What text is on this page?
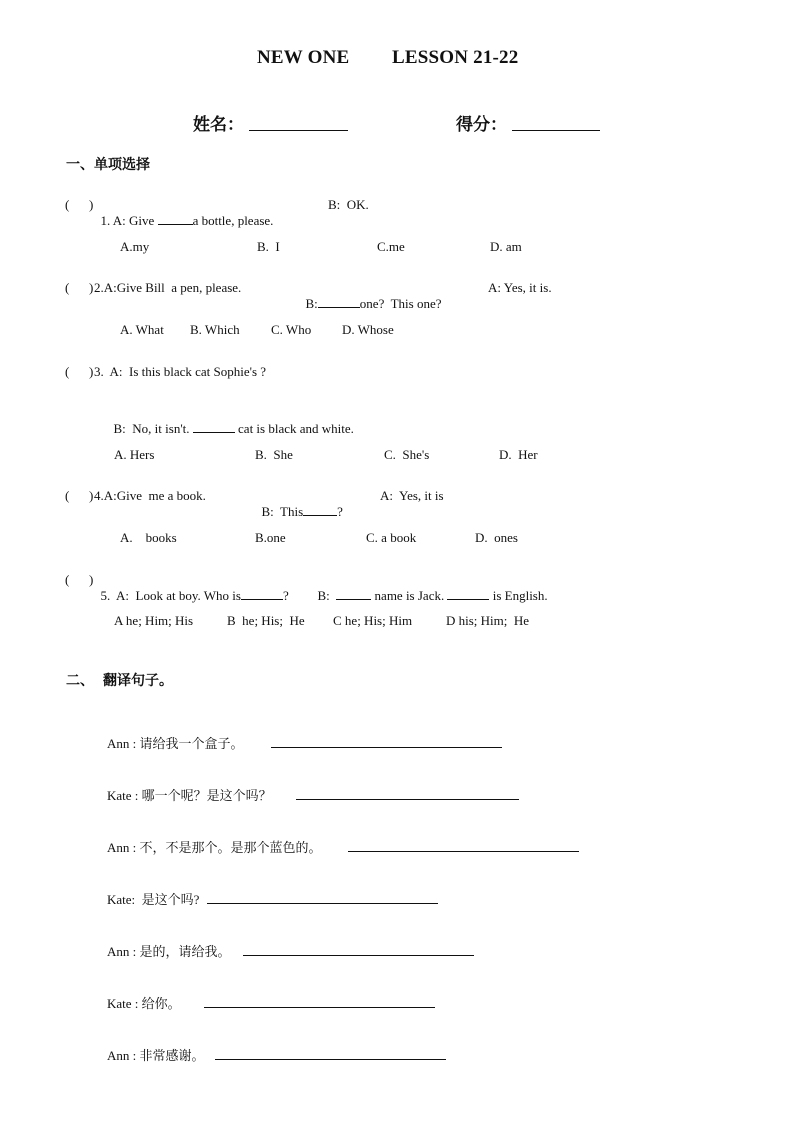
NEW ONE LESSON 21-22
姓名：	得分：
一、单项选择
( )

1. A: Give	a bottle, please.

B:  OK.
A.my	B.  I	C.me	D. am
( ) 2.A:Give Bill  a pen, please.

B:	one?  This one?

A: Yes, it is.
A. What B. Which C. Who D. Whose
( ) 3.  A:  Is this black cat Sophie's ?

B:  No, it isn't.	cat is black and white.

A. Hers	B.  She	C.  She's	D.  Her
( ) 4.A:Give  me a book.

B:  This	?

A:  Yes, it is
A.    books	B.one	C. a book	D.  ones
( )

5.  A:  Look at boy. Who is	?	B:	name is Jack.	is English.

A he; Him; His	B  he; His;  He C he; His; Him	D his; Him;  He
二、 翻译句子。
Ann : 请给我一个盒子。
Kate : 哪一个呢？是这个吗？
Ann : 不，不是那个。是那个蓝色的。
Kate:  是这个吗?
Ann : 是的，请给我。
Kate : 给你。
Ann : 非常感谢。
